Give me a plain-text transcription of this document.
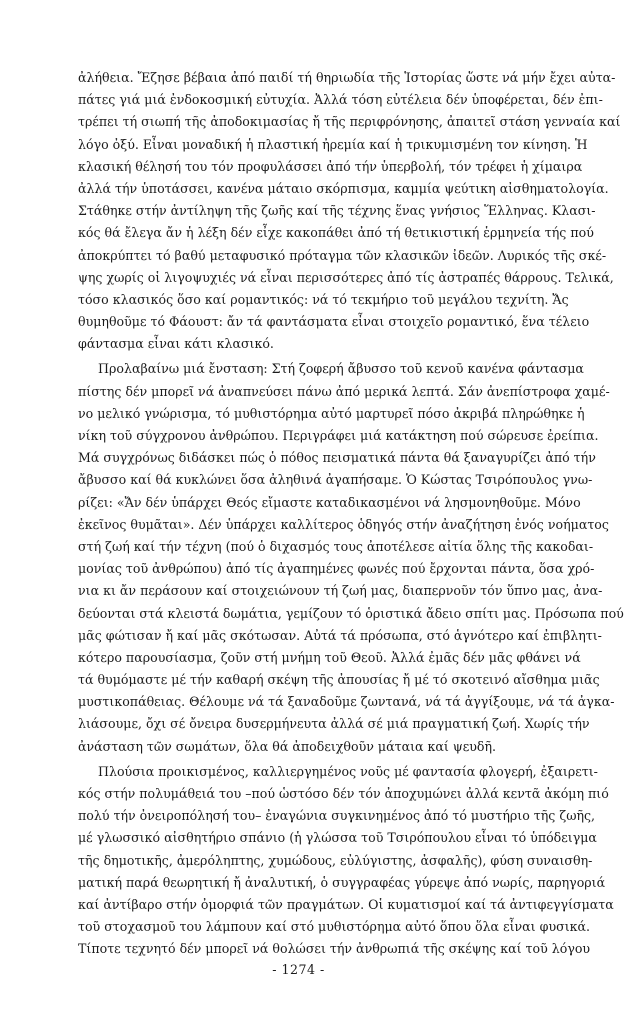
ἀλήθεια. Ἔζησε βέβαια ἀπό παιδί τή θηριωδία τῆς Ἱστορίας ὥστε νά μήν ἔχει αὐτα-
πάτες γιά μιά ἐνδοκοσμική εὐτυχία. Ἀλλά τόση εὐτέλεια δέν ὑποφέρεται, δέν ἐπι-
τρέπει τή σιωπή τῆς ἀποδοκιμασίας ἤ τῆς περιφρόνησης, ἀπαιτεῖ στάση γενναία καί
λόγο ὀξύ. Εἶναι μοναδική ἡ πλαστική ἠρεμία καί ἡ τρικυμισμένη τον κίνηση. Ἡ
κλασική θέλησή του τόν προφυλάσσει ἀπό τήν ὑπερβολή, τόν τρέφει ἡ χίμαιρα
ἀλλά τήν ὑποτάσσει, κανένα μάταιο σκόρπισμα, καμμία ψεύτικη αἰσθηματολογία.
Στάθηκε στήν ἀντίληψη τῆς ζωῆς καί τῆς τέχνης ἕνας γνήσιος Ἕλληνας. Κλασι-
κός θά ἔλεγα ἄν ἡ λέξη δέν εἶχε κακοπάθει ἀπό τή θετικιστική ἑρμηνεία τής πού
ἀποκρύπτει τό βαθύ μεταφυσικό πρόταγμα τῶν κλασικῶν ἰδεῶν. Λυρικός τῆς σκέ-
ψης χωρίς οἱ λιγοψυχιές νά εἶναι περισσότερες ἀπό τίς ἀστραπές θάρρους. Τελικά,
τόσο κλασικός ὅσο καί ρομαντικός: νά τό τεκμήριο τοῦ μεγάλου τεχνίτη. Ἄς
θυμηθοῦμε τό Φάουστ: ἄν τά φαντάσματα εἶναι στοιχεῖο ρομαντικό, ἕνα τέλειο
φάντασμα εἶναι κάτι κλασικό.
Προλαβαίνω μιά ἔνσταση: Στή ζοφερή ἄβυσσο τοῦ κενοῦ κανένα φάντασμα
πίστης δέν μπορεῖ νά ἀναπνεύσει πάνω ἀπό μερικά λεπτά. Σάν ἀνεπίστροφα χαμέ-
νο μελικό γνώρισμα, τό μυθιστόρημα αὐτό μαρτυρεῖ πόσο ἀκριβά πληρώθηκε ἡ
νίκη τοῦ σύγχρονου ἀνθρώπου. Περιγράφει μιά κατάκτηση πού σώρευσε ἐρείπια.
Μά συγχρόνως διδάσκει πώς ὁ πόθος πεισματικά πάντα θά ξαναγυρίζει ἀπό τήν
ἄβυσσο καί θά κυκλώνει ὅσα ἀληθινά ἀγαπήσαμε. Ὁ Κώστας Τσιρόπουλος γνω-
ρίζει: «Ἄν δέν ὑπάρχει Θεός εἴμαστε καταδικασμένοι νά λησμονηθοῦμε. Μόνο
ἐκεῖνος θυμᾶται». Δέν ὑπάρχει καλλίτερος ὁδηγός στήν ἀναζήτηση ἑνός νοήματος
στή ζωή καί τήν τέχνη (πού ὁ διχασμός τους ἀποτέλεσε αἰτία ὅλης τῆς κακοδαι-
μονίας τοῦ ἀνθρώπου) ἀπό τίς ἀγαπημένες φωνές πού ἔρχονται πάντα, ὅσα χρό-
νια κι ἄν περάσουν καί στοιχειώνουν τή ζωή μας, διαπερνοῦν τόν ὕπνο μας, ἀνα-
δεύονται στά κλειστά δωμάτια, γεμίζουν τό ὁριστικά ἄδειο σπίτι μας. Πρόσωπα πού
μᾶς φώτισαν ἤ καί μᾶς σκότωσαν. Αὐτά τά πρόσωπα, στό ἁγνότερο καί ἐπιβλητι-
κότερο παρουσίασμα, ζοῦν στή μνήμη τοῦ Θεοῦ. Ἀλλά ἐμᾶς δέν μᾶς φθάνει νά
τά θυμόμαστε μέ τήν καθαρή σκέψη τῆς ἀπουσίας ἤ μέ τό σκοτεινό αἴσθημα μιᾶς
μυστικοπάθειας. Θέλουμε νά τά ξαναδοῦμε ζωντανά, νά τά ἀγγίξουμε, νά τά ἀγκα-
λιάσουμε, ὄχι σέ ὄνειρα δυσερμήνευτα ἀλλά σέ μιά πραγματική ζωή. Χωρίς τήν
ἀνάσταση τῶν σωμάτων, ὅλα θά ἀποδειχθοῦν μάταια καί ψευδῆ.
Πλούσια προικισμένος, καλλιεργημένος νοῦς μέ φαντασία φλογερή, ἐξαιρετι-
κός στήν πολυμάθειά του –πού ὡστόσο δέν τόν ἀποχυμώνει ἀλλά κεντᾶ ἀκόμη πιό
πολύ τήν ὀνειροπόλησή του– ἐναγώνια συγκινημένος ἀπό τό μυστήριο τῆς ζωῆς,
μέ γλωσσικό αἰσθητήριο σπάνιο (ἡ γλώσσα τοῦ Τσιρόπουλου εἶναι τό ὑπόδειγμα
τῆς δημοτικῆς, ἀμερόληπτης, χυμώδους, εὐλύγιστης, ἀσφαλῆς), φύση συναισθη-
ματική παρά θεωρητική ἤ ἀναλυτική, ὁ συγγραφέας γύρεψε ἀπό νωρίς, παρηγοριά
καί ἀντίβαρο στήν ὀμορφιά τῶν πραγμάτων. Οἱ κυματισμοί καί τά ἀντιφεγγίσματα
τοῦ στοχασμοῦ του λάμπουν καί στό μυθιστόρημα αὐτό ὅπου ὅλα εἶναι φυσικά.
Τίποτε τεχνητό δέν μπορεῖ νά θολώσει τήν ἀνθρωπιά τῆς σκέψης καί τοῦ λόγου
- 1274 -
